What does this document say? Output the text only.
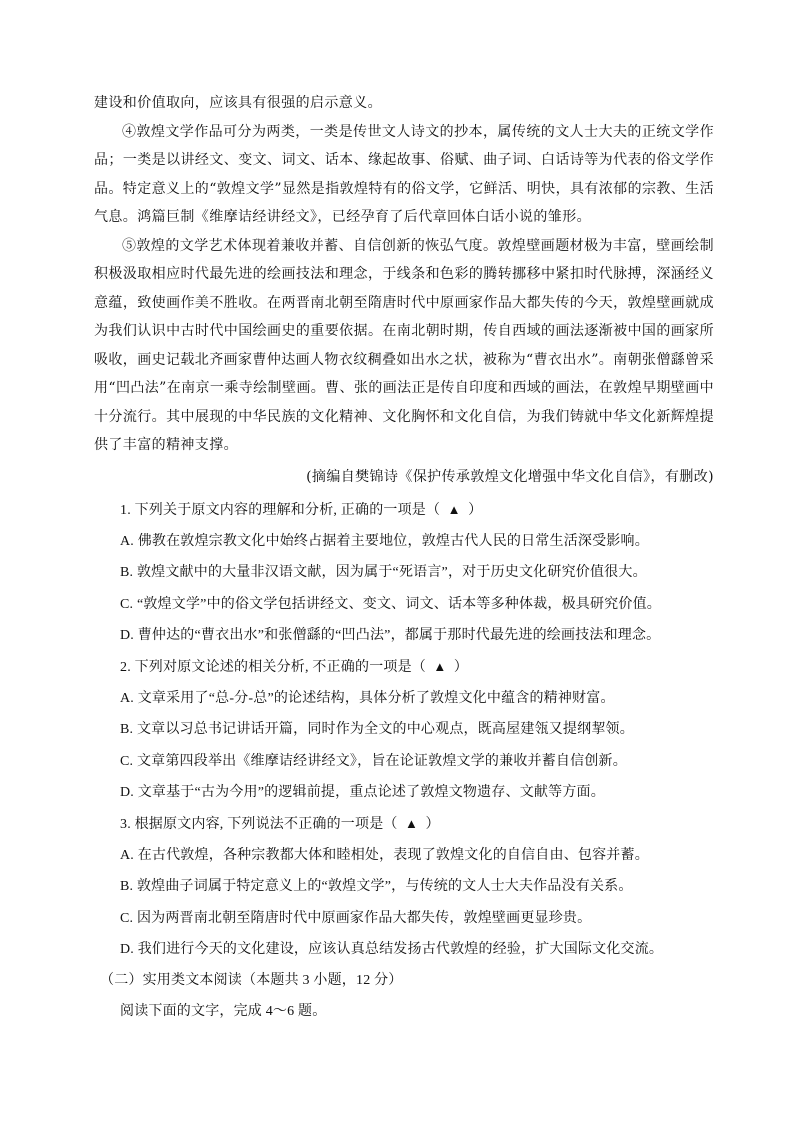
建设和价值取向，应该具有很强的启示意义。

④敦煌文学作品可分为两类，一类是传世文人诗文的抄本，属传统的文人士大夫的正统文学作品；一类是以讲经文、变文、词文、话本、缘起故事、俗赋、曲子词、白话诗等为代表的俗文学作品。特定意义上的“敦煌文学”显然是指敦煌特有的俗文学，它鲜活、明快，具有浓郁的宗教、生活气息。鸿篇巨制《维摩诘经讲经文》，已经孕育了后代章回体白话小说的雏形。

⑤敦煌的文学艺术体现着兼收并蓄、自信创新的恢弘气度。敦煌壁画题材极为丰富，壁画绘制积极汲取相应时代最先进的绘画技法和理念，于线条和色彩的腾转挪移中紧扣时代脉搏，深涵经义意蕴，致使画作美不胜收。在两晋南北朝至隋唐时代中原画家作品大都失传的今天，敦煌壁画就成为我们认识中古时代中国绘画史的重要依据。在南北朝时期，传自西域的画法逐渐被中国的画家所吸收，画史记载北齐画家曹仲达画人物衣纹稠叠如出水之状，被称为“曹衣出水”。南朝张僧繇曾采用“凹凸法”在南京一乘寺绘制壁画。曹、张的画法正是传自印度和西域的画法，在敦煌早期壁画中十分流行。其中展现的中华民族的文化精神、文化胸怀和文化自信，为我们铸就中华文化新辉煌提供了丰富的精神支撑。

(摘编自樊锦诗《保护传承敦煌文化增强中华文化自信》，有删改)

1. 下列关于原文内容的理解和分析, 正确的一项是（ ▲ ）
A. 佛教在敦煌宗教文化中始终占据着主要地位，敦煌古代人民的日常生活深受影响。
B. 敦煌文献中的大量非汉语文献，因为属于“死语言”，对于历史文化研究价值很大。
C. “敦煌文学”中的俗文学包括讲经文、变文、词文、话本等多种体裁，极具研究价值。
D. 曹仲达的“曹衣出水”和张僧繇的“凹凸法”，都属于那时代最先进的绘画技法和理念。
2. 下列对原文论述的相关分析, 不正确的一项是（ ▲ ）
A. 文章采用了“总-分-总”的论述结构，具体分析了敦煌文化中蕴含的精神财富。
B. 文章以习总书记讲话开篇，同时作为全文的中心观点，既高屋建瓴又提纲挈领。
C. 文章第四段举出《维摩诘经讲经文》，旨在论证敦煌文学的兼收并蓄自信创新。
D. 文章基于“古为今用”的逻辑前提，重点论述了敦煌文物遗存、文献等方面。
3. 根据原文内容, 下列说法不正确的一项是（ ▲ ）
A. 在古代敦煌，各种宗教都大体和睦相处，表现了敦煌文化的自信自由、包容并蓄。
B. 敦煌曲子词属于特定意义上的“敦煌文学”，与传统的文人士大夫作品没有关系。
C. 因为两晋南北朝至隋唐时代中原画家作品大都失传，敦煌壁画更显珍贵。
D. 我们进行今天的文化建设，应该认真总结发扬古代敦煌的经验，扩大国际文化交流。
（二）实用类文本阅读（本题共 3 小题，12 分）
阅读下面的文字，完成 4～6 题。
